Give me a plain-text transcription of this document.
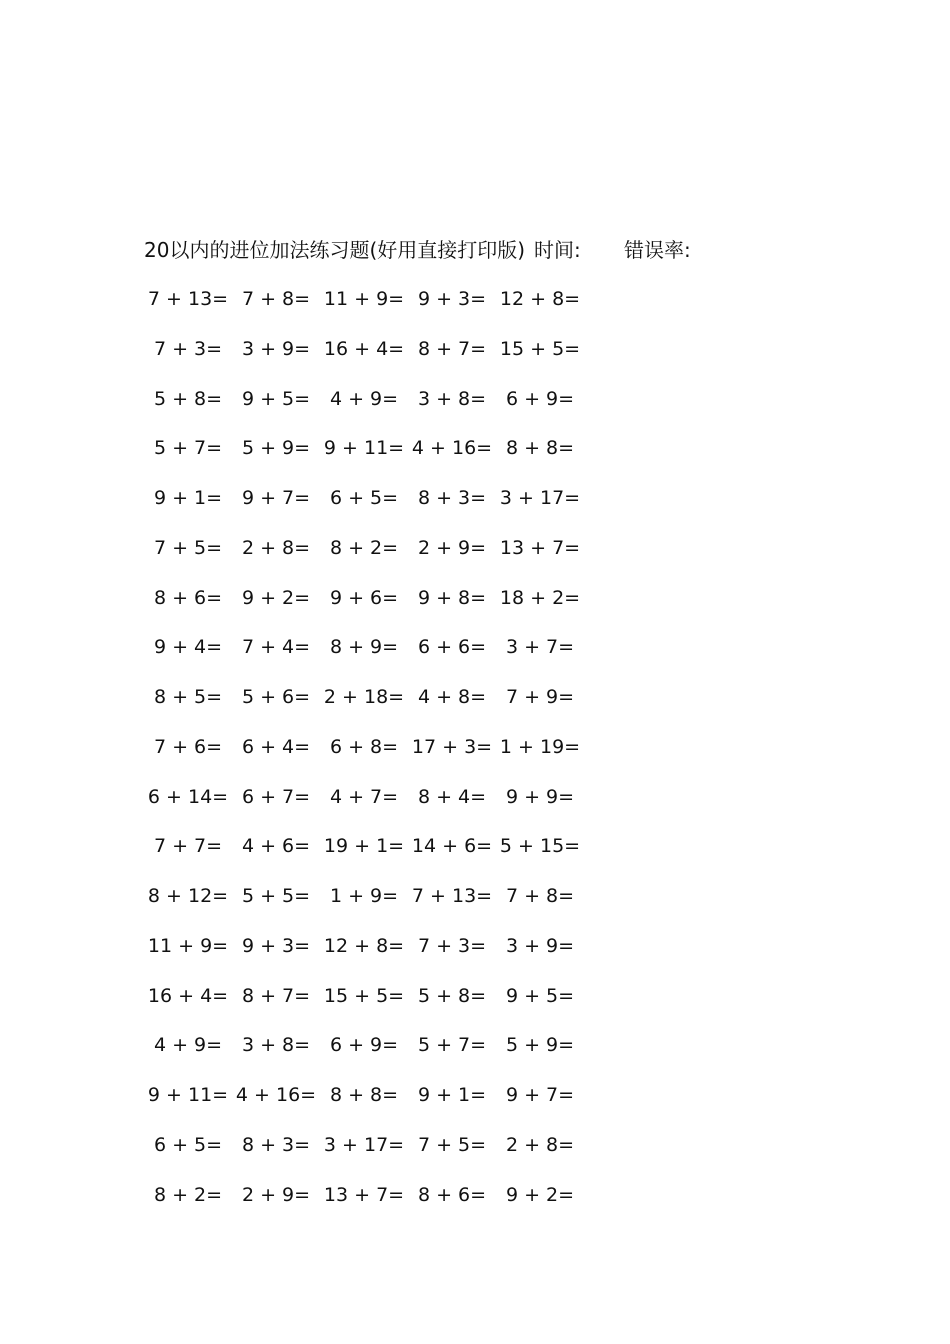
20以内的进位加法练习题(好用直接打印版) 时间: 错误率:
7 + 13= 7 + 8= 11 + 9= 9 + 3= 12 + 8=
7 + 3=	3 + 9= 16 + 4= 8 + 7= 15 + 5=
5 + 8=	9 + 5=	4 + 9=	3 + 8=	6 + 9=
5 + 7=	5 + 9= 9 + 11= 4 + 16= 8 + 8=
9 + 1=	9 + 7=	6 + 5=	8 + 3= 3 + 17=
7 + 5=	2 + 8=	8 + 2=	2 + 9= 13 + 7=
8 + 6=	9 + 2=	9 + 6=	9 + 8= 18 + 2=
9 + 4=	7 + 4=	8 + 9=	6 + 6=	3 + 7=
8 + 5=	5 + 6= 2 + 18= 4 + 8=	7 + 9=
7 + 6=	6 + 4=	6 + 8= 17 + 3= 1 + 19=
6 + 14= 6 + 7=	4 + 7=	8 + 4=	9 + 9=
7 + 7=	4 + 6= 19 + 1= 14 + 6= 5 + 15=
8 + 12= 5 + 5=	1 + 9= 7 + 13= 7 + 8=
11 + 9= 9 + 3= 12 + 8= 7 + 3=	3 + 9=
16 + 4= 8 + 7= 15 + 5= 5 + 8=	9 + 5=
4 + 9=	3 + 8=	6 + 9=	5 + 7=	5 + 9=
9 + 11= 4 + 16= 8 + 8=	9 + 1=	9 + 7=
6 + 5=	8 + 3= 3 + 17= 7 + 5=	2 + 8=
8 + 2=	2 + 9= 13 + 7= 8 + 6=	9 + 2=
